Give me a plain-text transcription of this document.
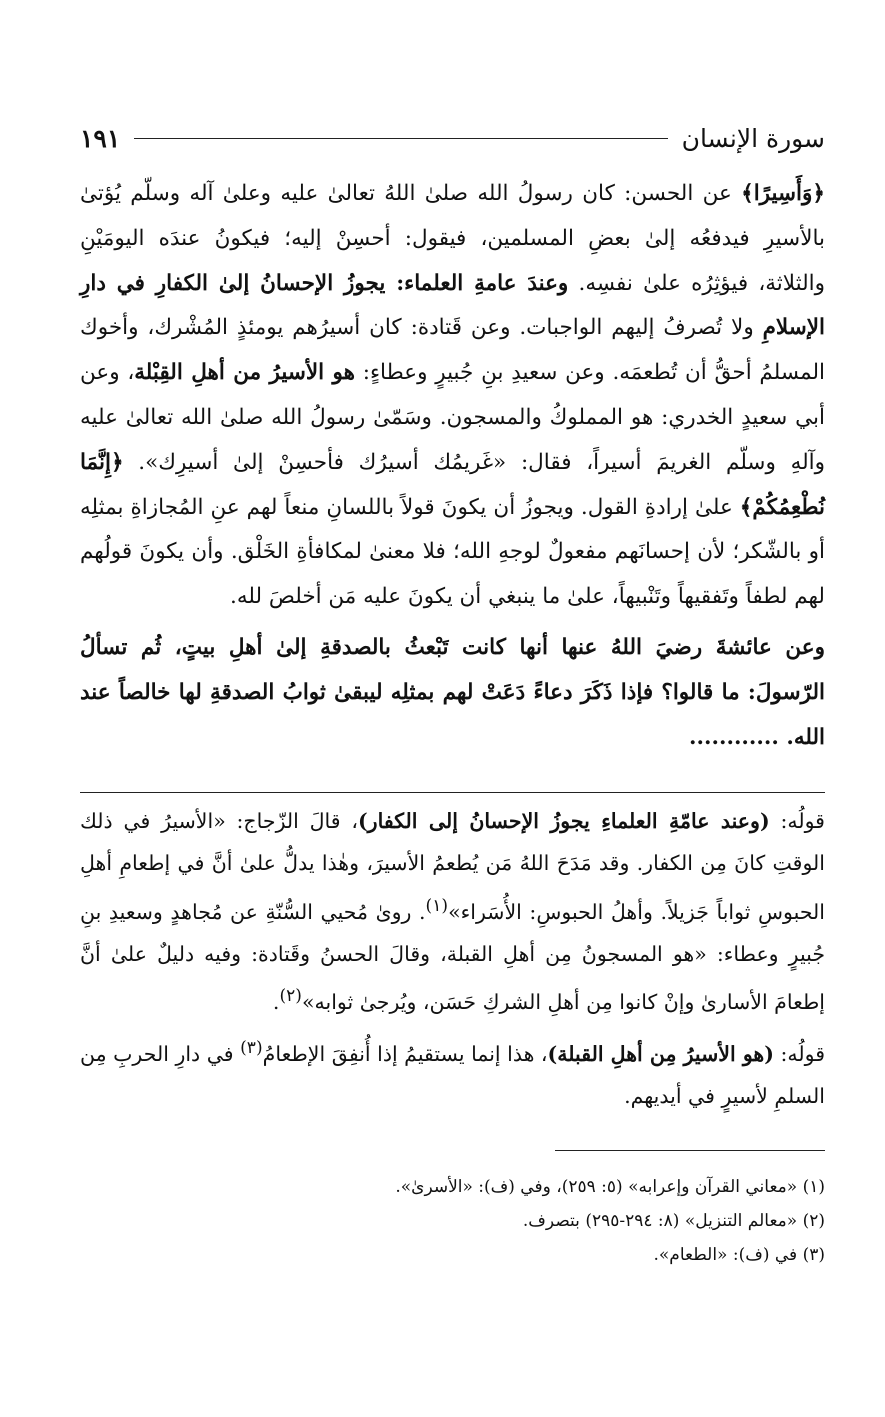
سورة الإنسان
١٩١

﴿وَأَسِيرًا﴾ عن الحسن: كان رسولُ الله صلىٰ اللهُ تعالىٰ عليه وعلىٰ آله وسلّم يُؤتىٰ بالأسيرِ فيدفعُه إلىٰ بعضِ المسلمين، فيقول: أحسِنْ إليه؛ فيكونُ عندَه اليومَيْنِ والثلاثة، فيؤثِرُه علىٰ نفسِه. وعندَ عامةِ العلماء: يجوزُ الإحسانُ إلىٰ الكفارِ في دارِ الإسلامِ ولا تُصرفُ إليهم الواجبات. وعن قَتادة: كان أسيرُهم يومئذٍ المُشْرك، وأخوك المسلمُ أحقُّ أن تُطعمَه. وعن سعيدِ بنِ جُبيرٍ وعطاءٍ: هو الأسيرُ من أهلِ القِبْلة، وعن أبي سعيدٍ الخدري: هو المملوكُ والمسجون. وسَمّىٰ رسولُ الله صلىٰ الله تعالىٰ عليه وآلهِ وسلّم الغريمَ أسيراً، فقال: «غَريمُك أسيرُك فأحسِنْ إلىٰ أسيرِك». ﴿إِنَّمَا نُطْعِمُكُمْ﴾ علىٰ إرادةِ القول. ويجوزُ أن يكونَ قولاً باللسانِ منعاً لهم عنِ المُجازاةِ بمثلِه أو بالشّكر؛ لأن إحسانَهم مفعولٌ لوجهِ الله؛ فلا معنىٰ لمكافأةِ الخَلْق. وأن يكونَ قولُهم لهم لطفاً وتَفقيهاً وتَنْبيهاً، علىٰ ما ينبغي أن يكونَ عليه مَن أخلصَ لله.

وعن عائشةَ رضيَ اللهُ عنها أنها كانت تَبْعثُ بالصدقةِ إلىٰ أهلِ بيتٍ، ثُم تسألُ الرّسولَ: ما قالوا؟ فإذا ذَكَرَ دعاءً دَعَتْ لهم بمثلِه ليبقىٰ ثوابُ الصدقةِ لها خالصاً عند الله. ............

قولُه: (وعند عامّةِ العلماءِ يجوزُ الإحسانُ إلى الكفار)، قالَ الزّجاج: «الأسيرُ في ذلك الوقتِ كانَ مِن الكفار. وقد مَدَحَ اللهُ مَن يُطعمُ الأسيرَ، وهٰذا يدلُّ علىٰ أنَّ في إطعامِ أهلِ الحبوسِ ثواباً جَزيلاً. وأهلُ الحبوسِ: الأُسَراء»$^{(١)}$. روىٰ مُحيي السُّنّةِ عن مُجاهدٍ وسعيدِ بنِ جُبيرٍ وعطاء: «هو المسجونُ مِن أهلِ القبلة، وقالَ الحسنُ وقَتادة: وفيه دليلٌ علىٰ أنَّ إطعامَ الأسارىٰ وإنْ كانوا مِن أهلِ الشركِ حَسَن، ويُرجىٰ ثوابه»$^{(٢)}$.

قولُه: (هو الأسيرُ مِن أهلِ القبلة)، هذا إنما يستقيمُ إذا أُنفِقَ الإطعامُ$^{(٣)}$ في دارِ الحربِ مِن السلمِ لأسيرٍ في أيديهم.

(١) «معاني القرآن وإعرابه» (٥: ٢٥٩)، وفي (ف): «الأسرىٰ».

(٢) «معالم التنزيل» (٨: ٢٩٤-٢٩٥) بتصرف.

(٣) في (ف): «الطعام».
